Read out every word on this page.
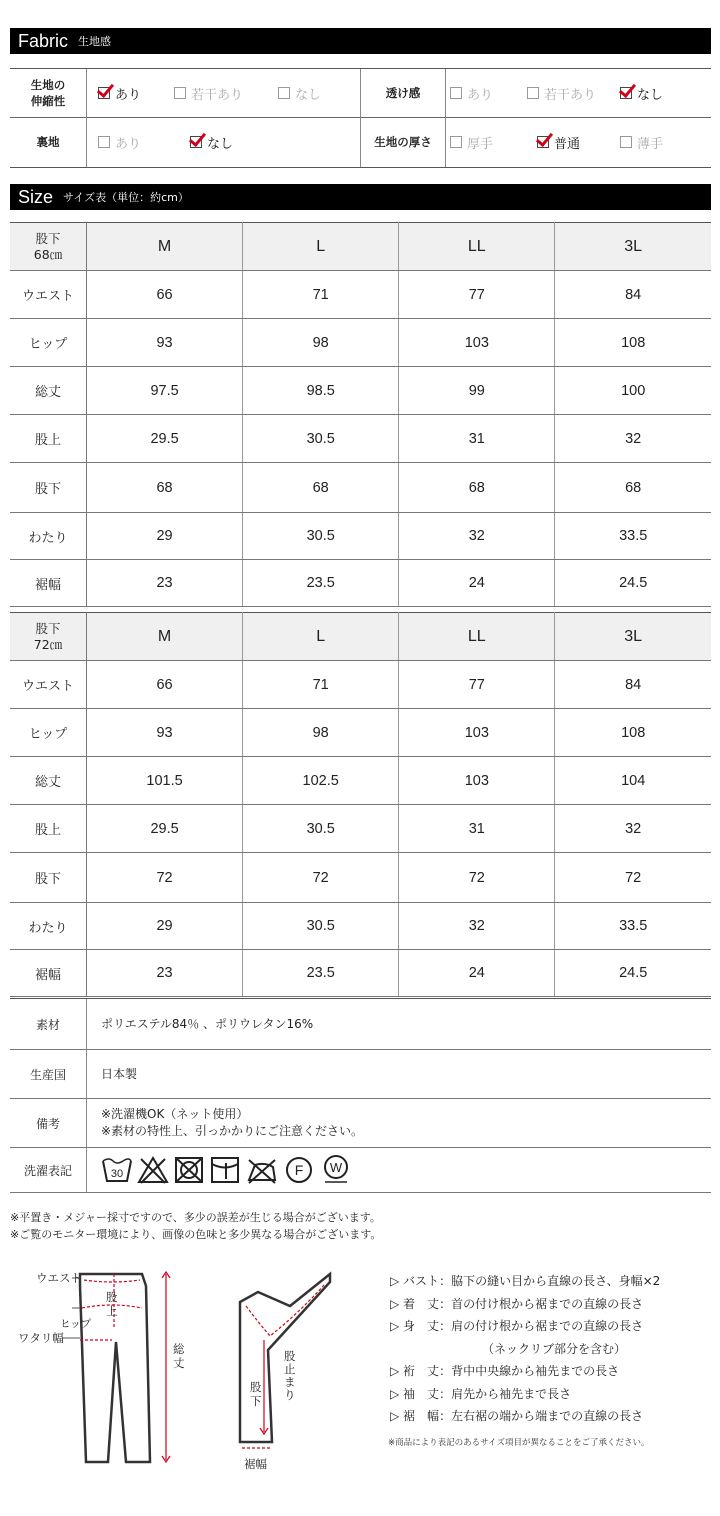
Fabric 生地感
生地の
伸縮性	あり	若干あり	なし	透け感	あり	若干あり	なし
裏地	あり	なし	生地の厚さ	厚手	普通	薄手
Size サイズ表（単位：約cm）
股下
68㎝	M	L	LL	3L
ウエスト	66	71	77	84
ヒップ	93	98	103	108
総丈	97.5	98.5	99	100
股上	29.5	30.5	31	32
股下	68	68	68	68
わたり	29	30.5	32	33.5
裾幅	23	23.5	24	24.5
股下
72㎝	M	L	LL	3L
ウエスト	66	71	77	84
ヒップ	93	98	103	108
総丈	101.5	102.5	103	104
股上	29.5	30.5	31	32
股下	72	72	72	72
わたり	29	30.5	32	33.5
裾幅	23	23.5	24	24.5
素材	ポリエステル84％ 、ポリウレタン16%
生産国	日本製
備考
※洗濯機OK（ネット使用）
※素材の特性上、引っかかりにご注意ください。
洗濯表記	30	F W
※平置き・メジャー採寸ですので、多少の誤差が生じる場合がございます。
※ご覧のモニター環境により、画像の色味と多少異なる場合がございます。
ウエスト
ヒップ
ワタリ幅
股上
総丈
股下
股止まり
裾幅
▷ バスト：脇下の縫い目から直線の長さ、身幅×2
▷ 着　丈：首の付け根から裾までの直線の長さ
▷ 身　丈：肩の付け根から裾までの直線の長さ
（ネックリブ部分を含む）
▷ 裄　丈：背中中央線から袖先までの長さ
▷ 袖　丈：肩先から袖先まで長さ
▷ 裾　幅：左右裾の端から端までの直線の長さ
※商品により表記のあるサイズ項目が異なることをご了承ください。
